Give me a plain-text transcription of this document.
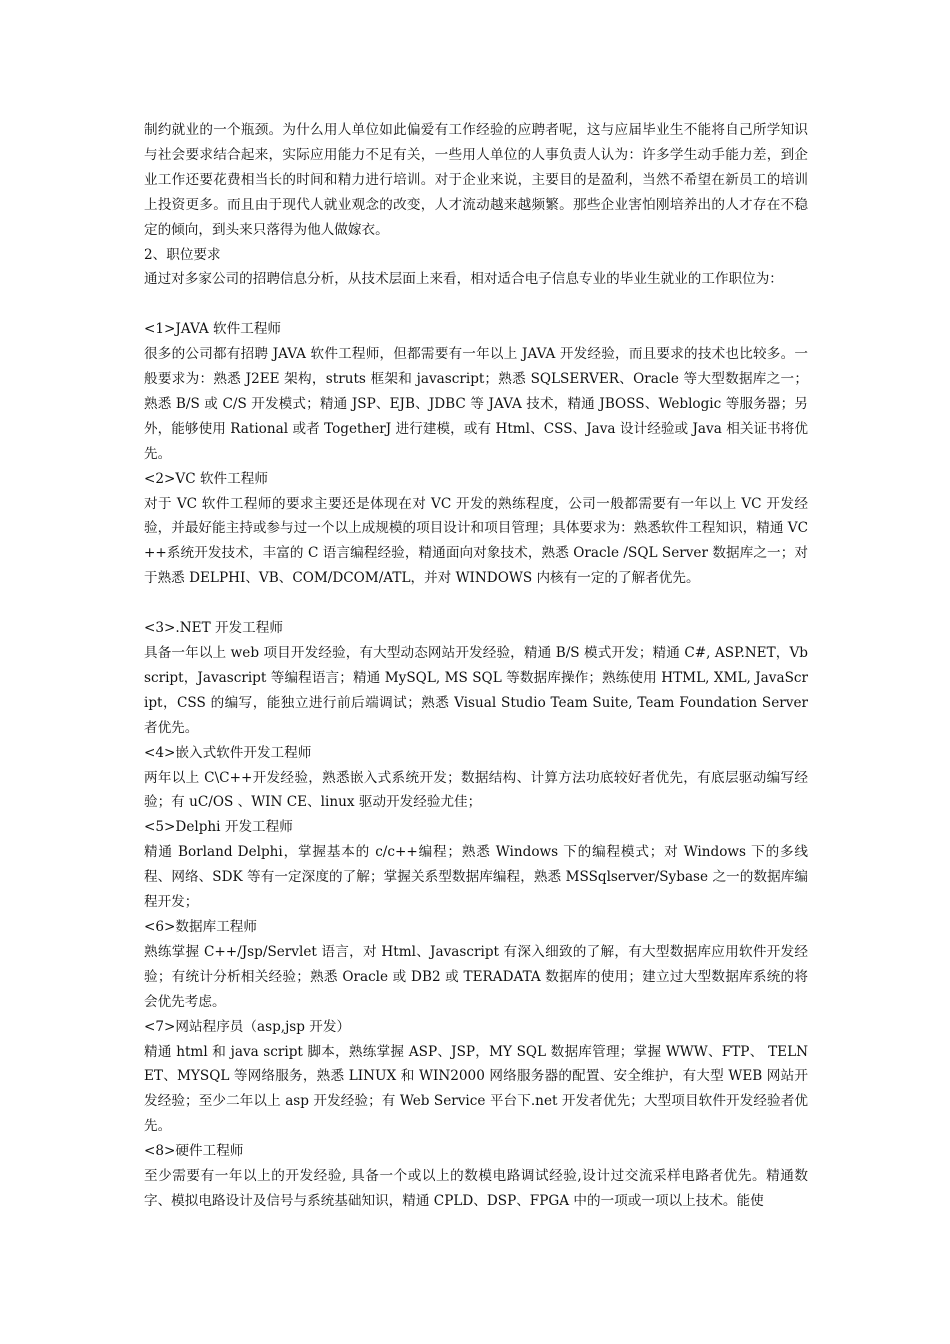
制约就业的一个瓶颈。为什么用人单位如此偏爱有工作经验的应聘者呢，这与应届毕业生不能将自己所学知识与社会要求结合起来，实际应用能力不足有关，一些用人单位的人事负责人认为：许多学生动手能力差，到企业工作还要花费相当长的时间和精力进行培训。对于企业来说，主要目的是盈利，当然不希望在新员工的培训上投资更多。而且由于现代人就业观念的改变，人才流动越来越频繁。那些企业害怕刚培养出的人才存在不稳定的倾向，到头来只落得为他人做嫁衣。

2、职位要求

通过对多家公司的招聘信息分析，从技术层面上来看，相对适合电子信息专业的毕业生就业的工作职位为：

<1>JAVA 软件工程师

很多的公司都有招聘 JAVA 软件工程师，但都需要有一年以上 JAVA 开发经验，而且要求的技术也比较多。一般要求为：熟悉 J2EE 架构，struts 框架和 javascript；熟悉 SQLSERVER、Oracle 等大型数据库之一；熟悉 B/S 或 C/S 开发模式；精通 JSP、EJB、JDBC 等 JAVA 技术，精通 JBOSS、Weblogic 等服务器；另外，能够使用 Rational 或者 TogetherJ 进行建模，或有 Html、CSS、Java 设计经验或 Java 相关证书将优先。

<2>VC 软件工程师

对于 VC 软件工程师的要求主要还是体现在对 VC 开发的熟练程度，公司一般都需要有一年以上 VC 开发经验，并最好能主持或参与过一个以上成规模的项目设计和项目管理；具体要求为：熟悉软件工程知识，精通 VC++系统开发技术，丰富的 C 语言编程经验，精通面向对象技术，熟悉 Oracle /SQL Server 数据库之一；对于熟悉 DELPHI、VB、COM/DCOM/ATL，并对 WINDOWS 内核有一定的了解者优先。

<3>.NET 开发工程师

具备一年以上 web 项目开发经验，有大型动态网站开发经验，精通 B/S 模式开发；精通 C#, ASP.NET，Vbscript，Javascript 等编程语言；精通 MySQL, MS SQL 等数据库操作；熟练使用 HTML, XML, JavaScript，CSS 的编写，能独立进行前后端调试；熟悉 Visual Studio Team Suite, Team Foundation Server 者优先。

<4>嵌入式软件开发工程师

两年以上 C\C++开发经验，熟悉嵌入式系统开发；数据结构、计算方法功底较好者优先，有底层驱动编写经验；有 uC/OS 、WIN CE、linux 驱动开发经验尤佳；

<5>Delphi 开发工程师

精通 Borland Delphi，掌握基本的 c/c++编程；熟悉 Windows 下的编程模式；对 Windows 下的多线程、网络、SDK 等有一定深度的了解；掌握关系型数据库编程，熟悉 MSSqlserver/Sybase 之一的数据库编程开发；

<6>数据库工程师

熟练掌握 C++/Jsp/Servlet 语言，对 Html、Javascript 有深入细致的了解，有大型数据库应用软件开发经验；有统计分析相关经验；熟悉 Oracle 或 DB2 或 TERADATA 数据库的使用；建立过大型数据库系统的将会优先考虑。

<7>网站程序员（asp,jsp 开发）

精通 html 和 java script 脚本，熟练掌握 ASP、JSP，MY SQL 数据库管理；掌握 WWW、FTP、 TELNET、MYSQL 等网络服务，熟悉 LINUX 和 WIN2000 网络服务器的配置、安全维护，有大型 WEB 网站开发经验；至少二年以上 asp 开发经验；有 Web Service 平台下.net 开发者优先；大型项目软件开发经验者优先。

<8>硬件工程师

至少需要有一年以上的开发经验, 具备一个或以上的数模电路调试经验,设计过交流采样电路者优先。精通数字、模拟电路设计及信号与系统基础知识，精通 CPLD、DSP、FPGA 中的一项或一项以上技术。能使
